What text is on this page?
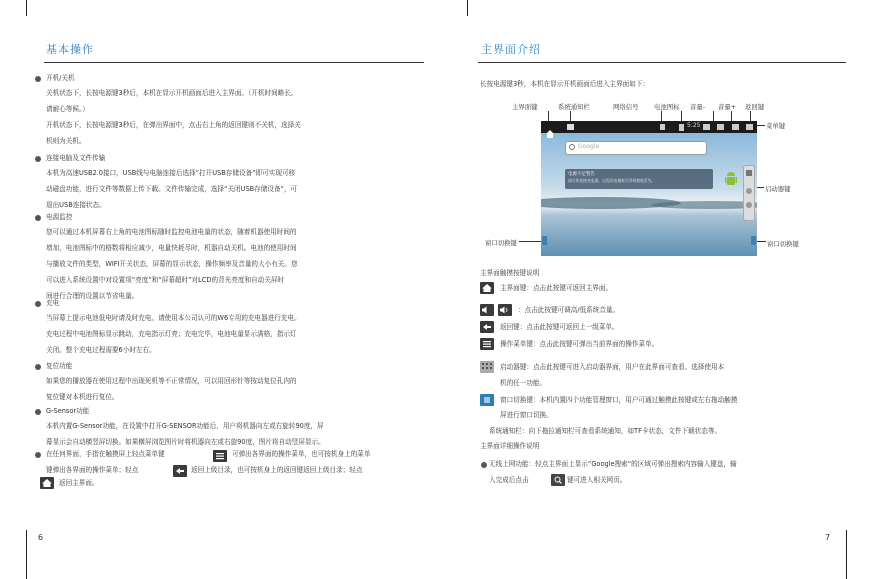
基本操作
开机/关机
关机状态下，长按电源键3秒后，本机在显示开机画面后进入主界面。（开机时间略长,
请耐心等候。）
开机状态下，长按电源键3秒后，在弹出界面中，点击右上角的返回键则不关机，选择关
机则为关机。
连接电脑及文件传输
本机为高速USB2.0接口，USB线与电脑连接后选择“打开USB存储设备”即可实现可移
动磁盘功能，进行文件等数据上传下载。文件传输完成，选择“关闭USB存储设备”，可
退出USB连接状态。
电源监控
您可以通过本机屏幕右上角的电池图标随时监控电池电量的状态，随着机器使用时间的
增加，电池图标中的格数将相应减少，电量快耗尽时，机器自动关机。电池的使用时间
与播放文件的类型，WIFI开关状态，屏幕的显示状态，操作频率及音量的大小有关。您
可以进入系统设置中对设置项“亮度”和“屏幕超时”对LCD的背光亮度和自动关屏时
间进行合理的设置以节省电量。
充电
当屏幕上提示电池低电时请及时充电。请使用本公司认可的W6专用的充电器进行充电。
充电过程中电池图标显示跳动，充电指示灯亮；充电完毕，电池电量显示满格，指示灯
关闭。整个充电过程需要6小时左右。
复位功能
如果您的播放器在使用过程中出现死机等不正常情况，可以用回形针等按动复位孔内的
复位键对本机进行复位。
G-Sensor功能
本机内置G-Sensor功能，在设置中打开G-SENSOR功能后，用户将机器向左或右旋转90度，屏
幕显示会自动横竖屏切换。如果横屏浏览图片时将机器向左或右旋90度，图片将自动竖屏显示。
在任何界面，手指在触摸屏上轻点菜单键	可弹出各界面的操作菜单，也可按机身上的菜单
键弹出各界面的操作菜单；轻点	返回上级目录，也可按机身上的返回键返回上级目录；轻点
返回主界面。
6
主界面介绍
长按电源键3秒，本机在显示开机画面后进入主界面如下：
主界面键	系统通知栏	网络信号 电池图标 音量- 音量+ 返回键
菜单键
启动器键
窗口切换键	窗口切换键
5:25
Google
电源不足警告
请尽快连接充电器，以免因电量耗尽导致数据丢失。
主界面触摸按键说明
主界面键：点击此按键可返回主界面。
：点击此按键可调高/低系统音量。
返回键：点击此按键可返回上一级菜单。
操作菜单键：点击此按键可弹出当前界面的操作菜单。
启动器键：点击此按键可进入启动器界面，用户在此界面可查看、选择使用本
机的任一功能。
窗口切换键：本机内置四个功能管理窗口，用户可通过触摸此按键或左右拖动触摸
屏进行窗口切换。
系统通知栏：向下拖拉通知栏可查看系统通知，如TF卡状态，文件下载状态等。
主界面详细操作说明
无线上网功能：轻点主界面上显示”Google搜索“的区域可弹出搜索内容输入键盘，输
入完成后点击	键可进入相关网页。
7
